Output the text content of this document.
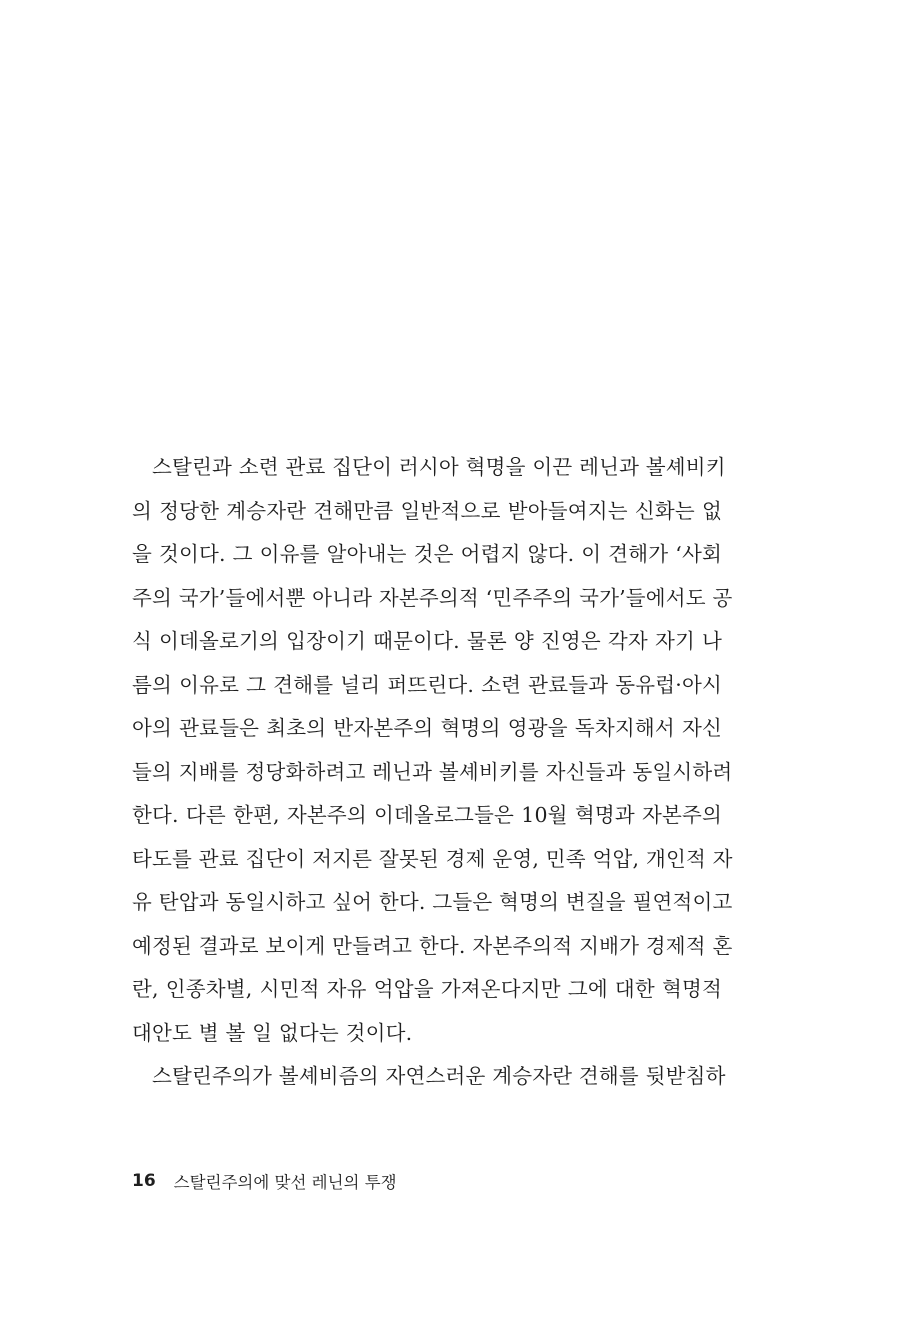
스탈린과 소련 관료 집단이 러시아 혁명을 이끈 레닌과 볼셰비키
의 정당한 계승자란 견해만큼 일반적으로 받아들여지는 신화는 없
을 것이다. 그 이유를 알아내는 것은 어렵지 않다. 이 견해가 ‘사회
주의 국가’들에서뿐 아니라 자본주의적 ‘민주주의 국가’들에서도 공
식 이데올로기의 입장이기 때문이다. 물론 양 진영은 각자 자기 나
름의 이유로 그 견해를 널리 퍼뜨린다. 소련 관료들과 동유럽·아시
아의 관료들은 최초의 반자본주의 혁명의 영광을 독차지해서 자신
들의 지배를 정당화하려고 레닌과 볼셰비키를 자신들과 동일시하려
한다. 다른 한편, 자본주의 이데올로그들은 10월 혁명과 자본주의
타도를 관료 집단이 저지른 잘못된 경제 운영, 민족 억압, 개인적 자
유 탄압과 동일시하고 싶어 한다. 그들은 혁명의 변질을 필연적이고
예정된 결과로 보이게 만들려고 한다. 자본주의적 지배가 경제적 혼
란, 인종차별, 시민적 자유 억압을 가져온다지만 그에 대한 혁명적
대안도 별 볼 일 없다는 것이다.
스탈린주의가 볼셰비즘의 자연스러운 계승자란 견해를 뒷받침하
16 스탈린주의에 맞선 레닌의 투쟁
